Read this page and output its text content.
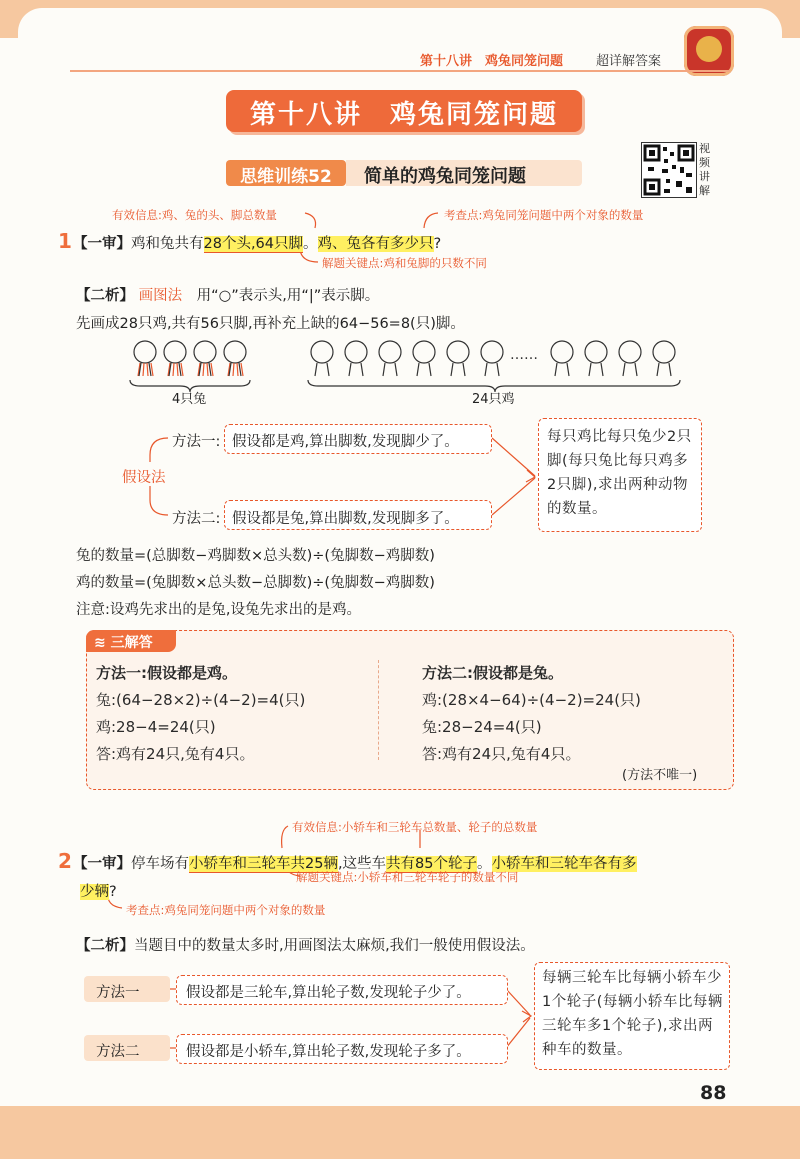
第十八讲　鸡兔同笼问题	超详解答案
第十八讲　鸡兔同笼问题
思维训练52	简单的鸡兔同笼问题
视
频
讲
解
有效信息:鸡、兔的头、脚总数量	考查点:鸡兔同笼问题中两个对象的数量
1 【一审】鸡和兔共有28个头,64只脚。鸡、兔各有多少只?
解题关键点:鸡和兔脚的只数不同
【二析】 画图法　用“○”表示头,用“|”表示脚。
先画成28只鸡,共有56只脚,再补充上缺的64−56=8(只)脚。
……
4只兔	24只鸡
假设法
方法一: 假设都是鸡,算出脚数,发现脚少了。
方法二: 假设都是兔,算出脚数,发现脚多了。
每只鸡比每只兔少2只脚(每只兔比每只鸡多2只脚),求出两种动物的数量。
兔的数量=(总脚数−鸡脚数×总头数)÷(兔脚数−鸡脚数)
鸡的数量=(兔脚数×总头数−总脚数)÷(兔脚数−鸡脚数)
注意:设鸡先求出的是兔,设兔先求出的是鸡。
≋ 三解答
方法一:假设都是鸡。
兔:(64−28×2)÷(4−2)=4(只)
鸡:28−4=24(只)
答:鸡有24只,兔有4只。
方法二:假设都是兔。
鸡:(28×4−64)÷(4−2)=24(只)
兔:28−24=4(只)
答:鸡有24只,兔有4只。
(方法不唯一)
有效信息:小轿车和三轮车总数量、轮子的总数量
2 【一审】停车场有小轿车和三轮车共25辆,这些车共有85个轮子。小轿车和三轮车各有多
少辆?
解题关键点:小轿车和三轮车轮子的数量不同
考查点:鸡兔同笼问题中两个对象的数量
【二析】当题目中的数量太多时,用画图法太麻烦,我们一般使用假设法。
方法一	假设都是三轮车,算出轮子数,发现轮子少了。
方法二	假设都是小轿车,算出轮子数,发现轮子多了。
每辆三轮车比每辆小轿车少1个轮子(每辆小轿车比每辆三轮车多1个轮子),求出两种车的数量。
88
